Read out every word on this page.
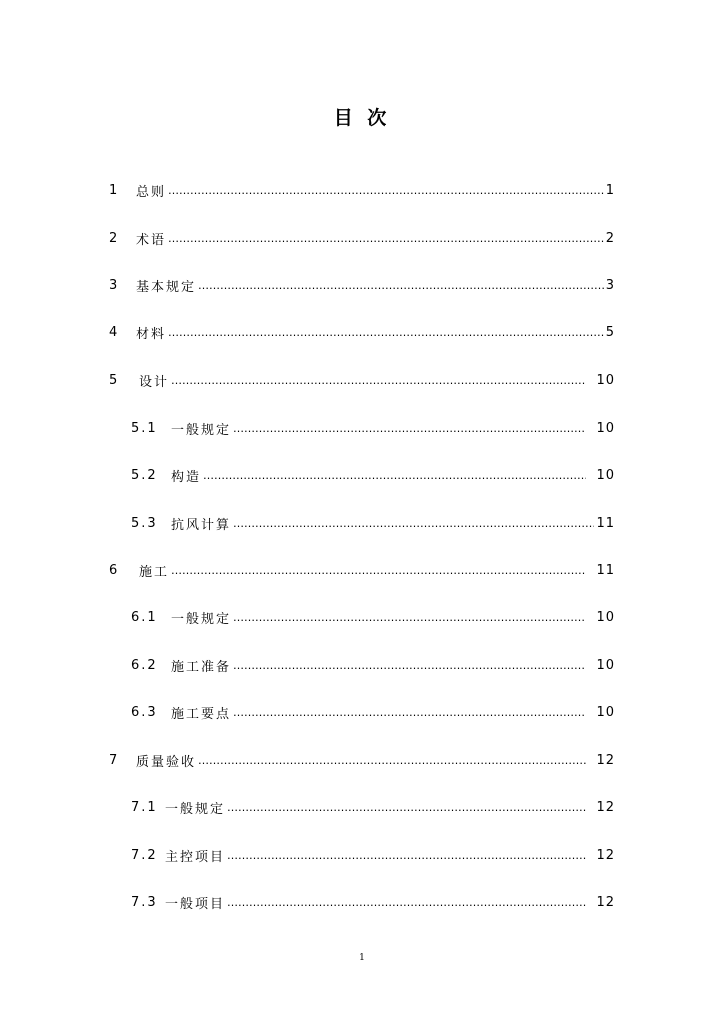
目 次
1	总则 ………………………………………………………………………………………………………………………………………………………………………………………………………………	1
2	术语 ………………………………………………………………………………………………………………………………………………………………………………………………………………	2
3	基本规定 ………………………………………………………………………………………………………………………………………………………………………………………………………………	3
4	材料 ………………………………………………………………………………………………………………………………………………………………………………………………………………	5
5	设计 ………………………………………………………………………………………………………………………………………………………………………………………………………………	10
5.1	一般规定 ………………………………………………………………………………………………………………………………………………………………………………………………………………	10
5.2	构造 ………………………………………………………………………………………………………………………………………………………………………………………………………………	10
5.3	抗风计算 ………………………………………………………………………………………………………………………………………………………………………………………………………………	11
6	施工 ………………………………………………………………………………………………………………………………………………………………………………………………………………	11
6.1	一般规定 ………………………………………………………………………………………………………………………………………………………………………………………………………………	10
6.2	施工准备 ………………………………………………………………………………………………………………………………………………………………………………………………………………	10
6.3	施工要点 ………………………………………………………………………………………………………………………………………………………………………………………………………………	10
7	质量验收 ………………………………………………………………………………………………………………………………………………………………………………………………………………	12
7.1 一般规定 ………………………………………………………………………………………………………………………………………………………………………………………………………………	12
7.2 主控项目 ………………………………………………………………………………………………………………………………………………………………………………………………………………	12
7.3 一般项目 ………………………………………………………………………………………………………………………………………………………………………………………………………………	12
1
